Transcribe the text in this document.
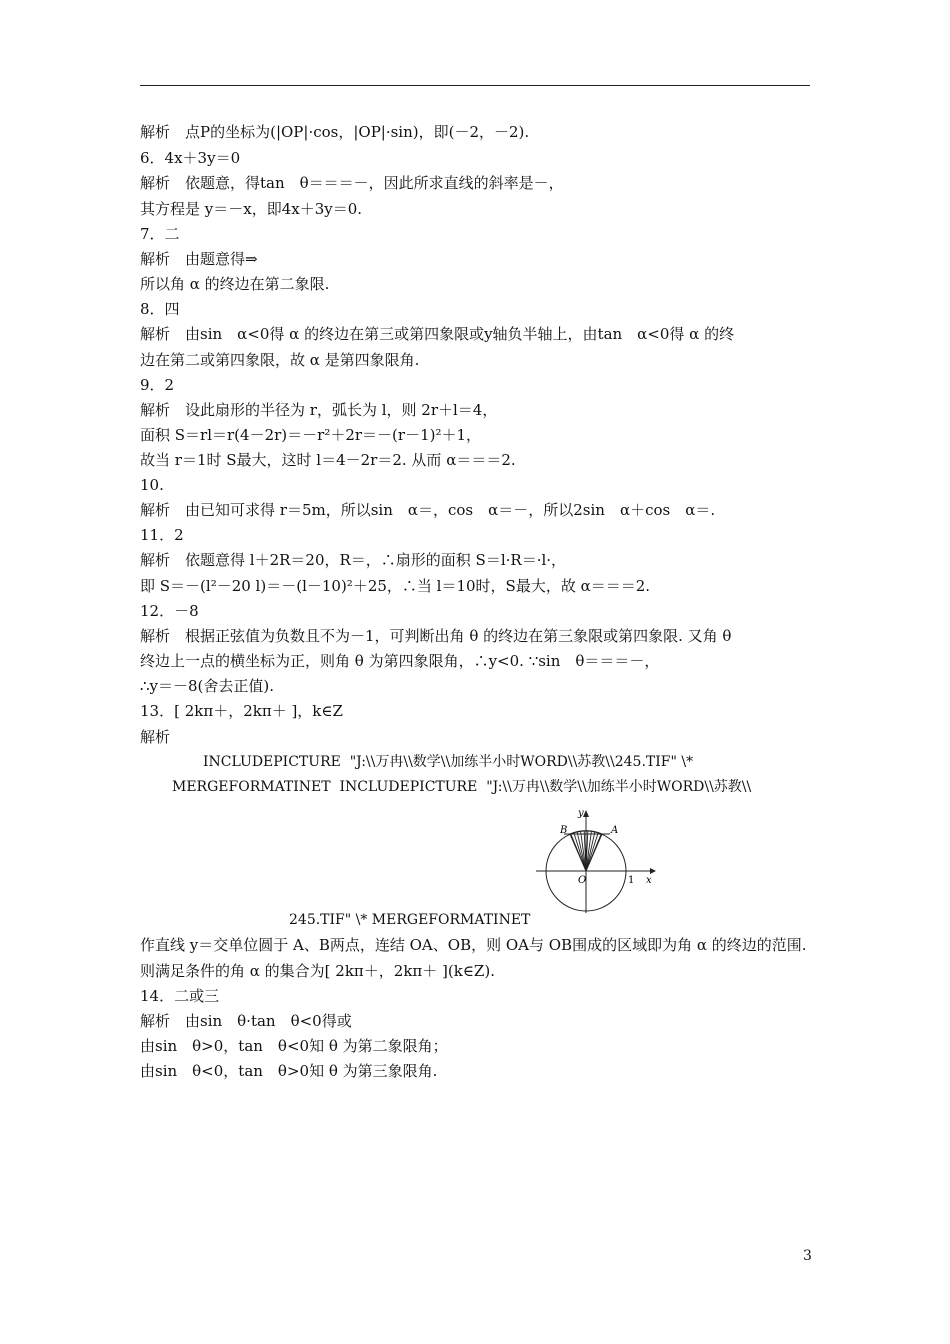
解析　点P的坐标为(|OP|·cos，|OP|·sin)，即(－2，－2).
6．4x＋3y＝0
解析　依题意，得tan　θ＝＝＝－，因此所求直线的斜率是－，
其方程是 y＝－x，即4x＋3y＝0.
7．二
解析　由题意得⇒
所以角 α 的终边在第二象限.
8．四
解析　由sin　α<0得 α 的终边在第三或第四象限或y轴负半轴上，由tan　α<0得 α 的终
边在第二或第四象限，故 α 是第四象限角.
9．2
解析　设此扇形的半径为 r，弧长为 l，则 2r＋l＝4，
面积 S＝rl＝r(4－2r)＝－r²＋2r＝－(r－1)²＋1，
故当 r＝1时 S最大，这时 l＝4－2r＝2. 从而 α＝＝＝2.
10.
解析　由已知可求得 r＝5m，所以sin　α＝，cos　α＝－，所以2sin　α＋cos　α＝.
11．2
解析　依题意得 l＋2R＝20，R＝，∴扇形的面积 S＝l·R＝·l·，
即 S＝－(l²－20 l)＝－(l－10)²＋25，∴当 l＝10时，S最大，故 α＝＝＝2.
12．－8
解析　根据正弦值为负数且不为－1，可判断出角 θ 的终边在第三象限或第四象限. 又角 θ
终边上一点的横坐标为正，则角 θ 为第四象限角，∴y<0. ∵sin　θ＝＝＝－，
∴y＝－8(舍去正值).
13．[ 2kπ＋，2kπ＋ ]，k∈Z
解析
INCLUDEPICTURE  "J:\\万冉\\数学\\加练半小时WORD\\苏教\\245.TIF" \*
MERGEFORMATINET  INCLUDEPICTURE  "J:\\万冉\\数学\\加练半小时WORD\\苏教\\
y
x
B	A
O	1
245.TIF" \* MERGEFORMATINET
作直线 y＝交单位圆于 A、B两点，连结 OA、OB，则 OA与 OB围成的区域即为角 α 的终边的范围.
则满足条件的角 α 的集合为[ 2kπ＋，2kπ＋ ](k∈Z).
14．二或三
解析　由sin　θ·tan　θ<0得或
由sin　θ>0，tan　θ<0知 θ 为第二象限角；
由sin　θ<0，tan　θ>0知 θ 为第三象限角.
3
